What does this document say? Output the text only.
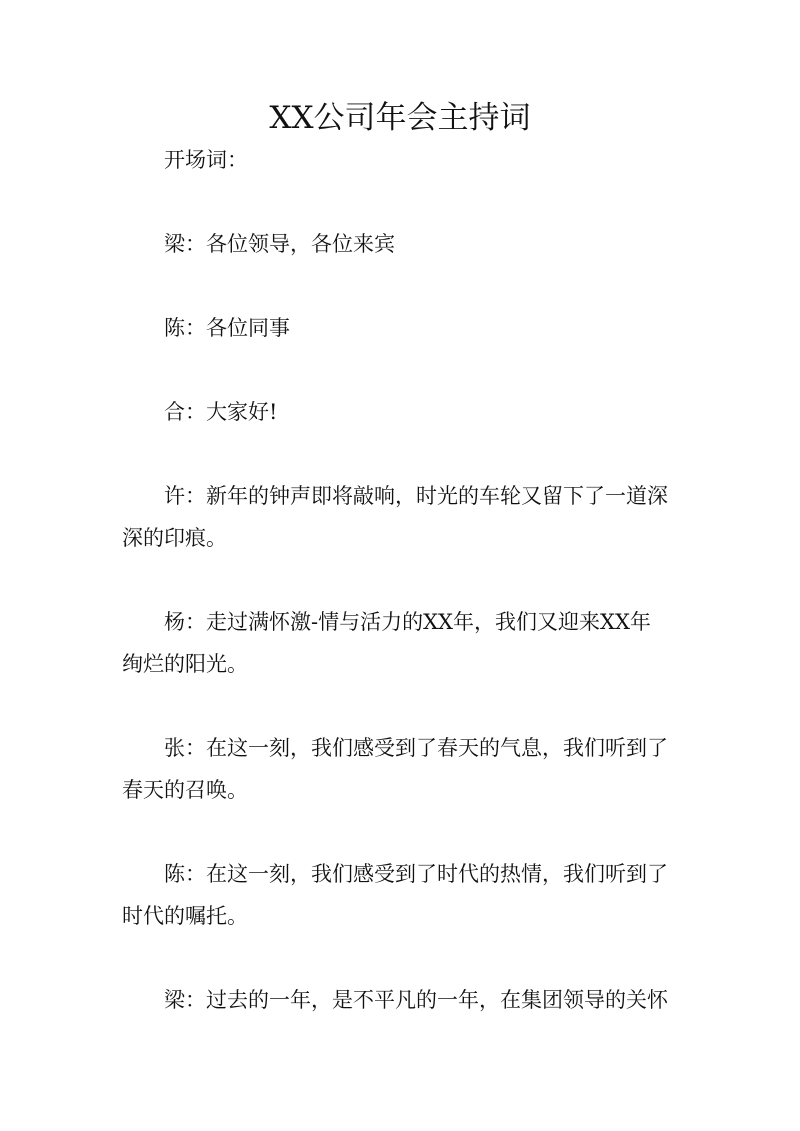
XX公司年会主持词

开场词：

梁：各位领导，各位来宾

陈：各位同事

合：大家好!

许：新年的钟声即将敲响，时光的车轮又留下了一道深

深的印痕。

杨：走过满怀激-情与活力的XX年，我们又迎来XX年

绚烂的阳光。

张：在这一刻，我们感受到了春天的气息，我们听到了

春天的召唤。

陈：在这一刻，我们感受到了时代的热情，我们听到了

时代的嘱托。

梁：过去的一年，是不平凡的一年，在集团领导的关怀
